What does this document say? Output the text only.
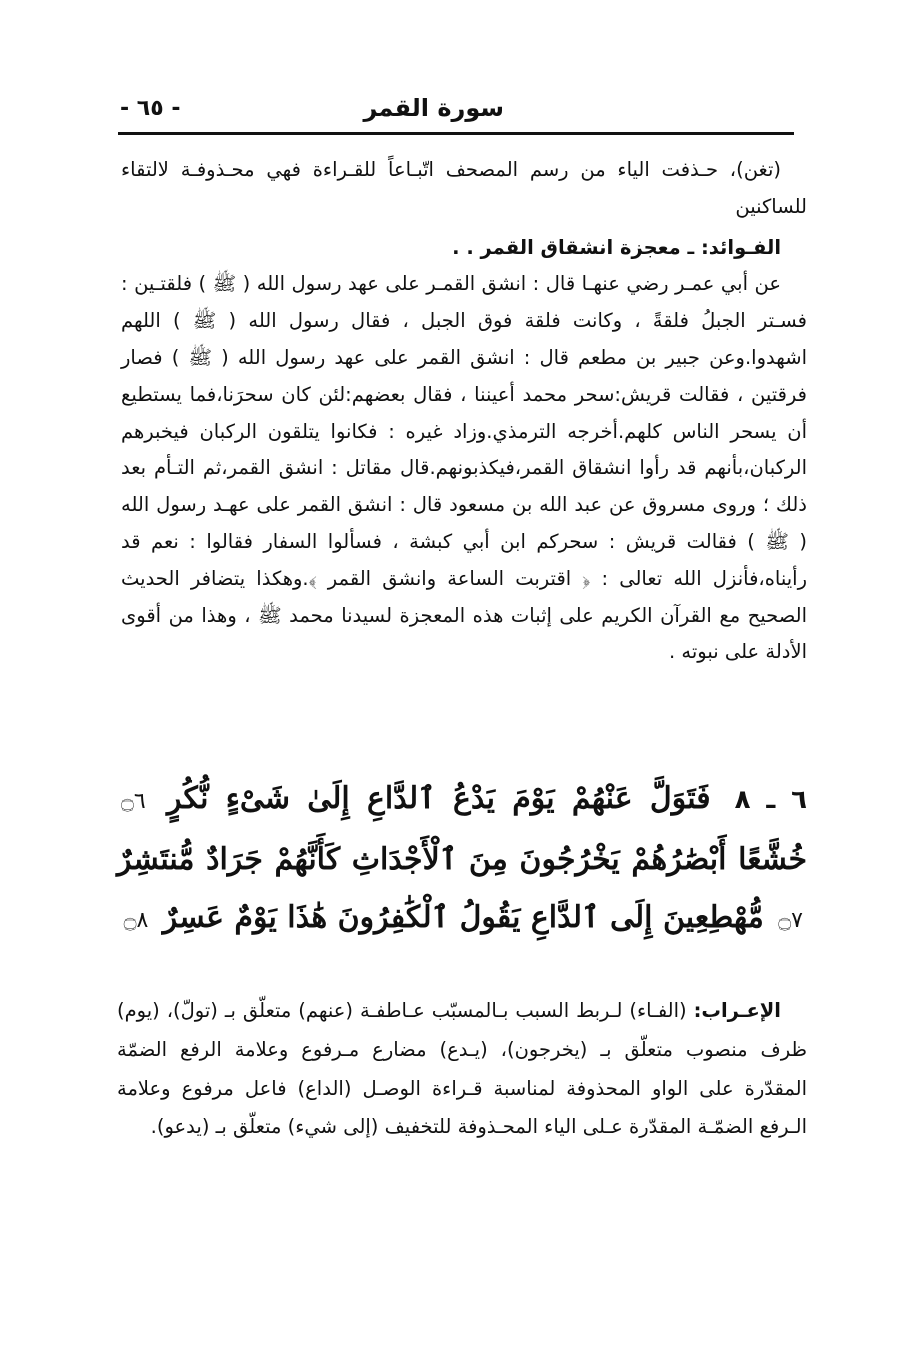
سورة القمر
- ٦٥ -

(تغن)، حـذفت الياء من رسم المصحف اتّبـاعاً للقـراءة فهي محـذوفـة لالتقاء للساكنين

الفـوائد: ـ معجزة انشقاق القمر . .

عن أبي عمـر رضي عنهـا قال : انشق القمـر على عهد رسول الله ( ﷺ ) فلقتـين : فسـتر الجبلُ فلقةً ، وكانت فلقة فوق الجبل ، فقال رسول الله ( ﷺ ) اللهم اشهدوا.وعن جبير بن مطعم قال : انشق القمر على عهد رسول الله ( ﷺ ) فصار فرقتين ، فقالت قريش:سحر محمد أعيننا ، فقال بعضهم:لئن كان سحرَنا،فما يستطيع أن يسحر الناس كلهم.أخرجه الترمذي.وزاد غيره : فكانوا يتلقون الركبان فيخبرهم الركبان،بأنهم قد رأوا انشقاق القمر،فيكذبونهم.قال مقاتل : انشق القمر،ثم التـأم بعد ذلك ؛ وروى مسروق عن عبد الله بن مسعود قال : انشق القمر على عهـد رسول الله ( ﷺ ) فقالت قريش : سحركم ابن أبي كبشة ، فسألوا السفار فقالوا : نعم قد رأيناه،فأنزل الله تعالى : ﴿ اقتربت الساعة وانشق القمر ﴾.وهكذا يتضافر الحديث الصحيح مع القرآن الكريم على إثبات هذه المعجزة لسيدنا محمد ﷺ ، وهذا من أقوى الأدلة على نبوته .

٦ ـ ٨فَتَوَلَّ عَنْهُمْ يَوْمَ يَدْعُ ٱلدَّاعِ إِلَىٰ شَىْءٍ نُّكُرٍ ۝٦ خُشَّعًا أَبْصَٰرُهُمْ يَخْرُجُونَ مِنَ ٱلْأَجْدَاثِ كَأَنَّهُمْ جَرَادٌ مُّنتَشِرٌ ۝٧ مُّهْطِعِينَ إِلَى ٱلدَّاعِ يَقُولُ ٱلْكَٰفِرُونَ هَٰذَا يَوْمٌ عَسِرٌ ۝٨

الإعـراب: (الفـاء) لـربط السبب بـالمسبّب عـاطفـة (عنهم) متعلّق بـ (تولّ)، (يوم) ظرف منصوب متعلّق بـ (يخرجون)، (يـدع) مضارع مـرفوع وعلامة الرفع الضمّة المقدّرة على الواو المحذوفة لمناسبة قـراءة الوصـل (الداع) فاعل مرفوع وعلامة الـرفع الضمّـة المقدّرة عـلى الياء المحـذوفة للتخفيف (إلى شيء) متعلّق بـ (يدعو).
